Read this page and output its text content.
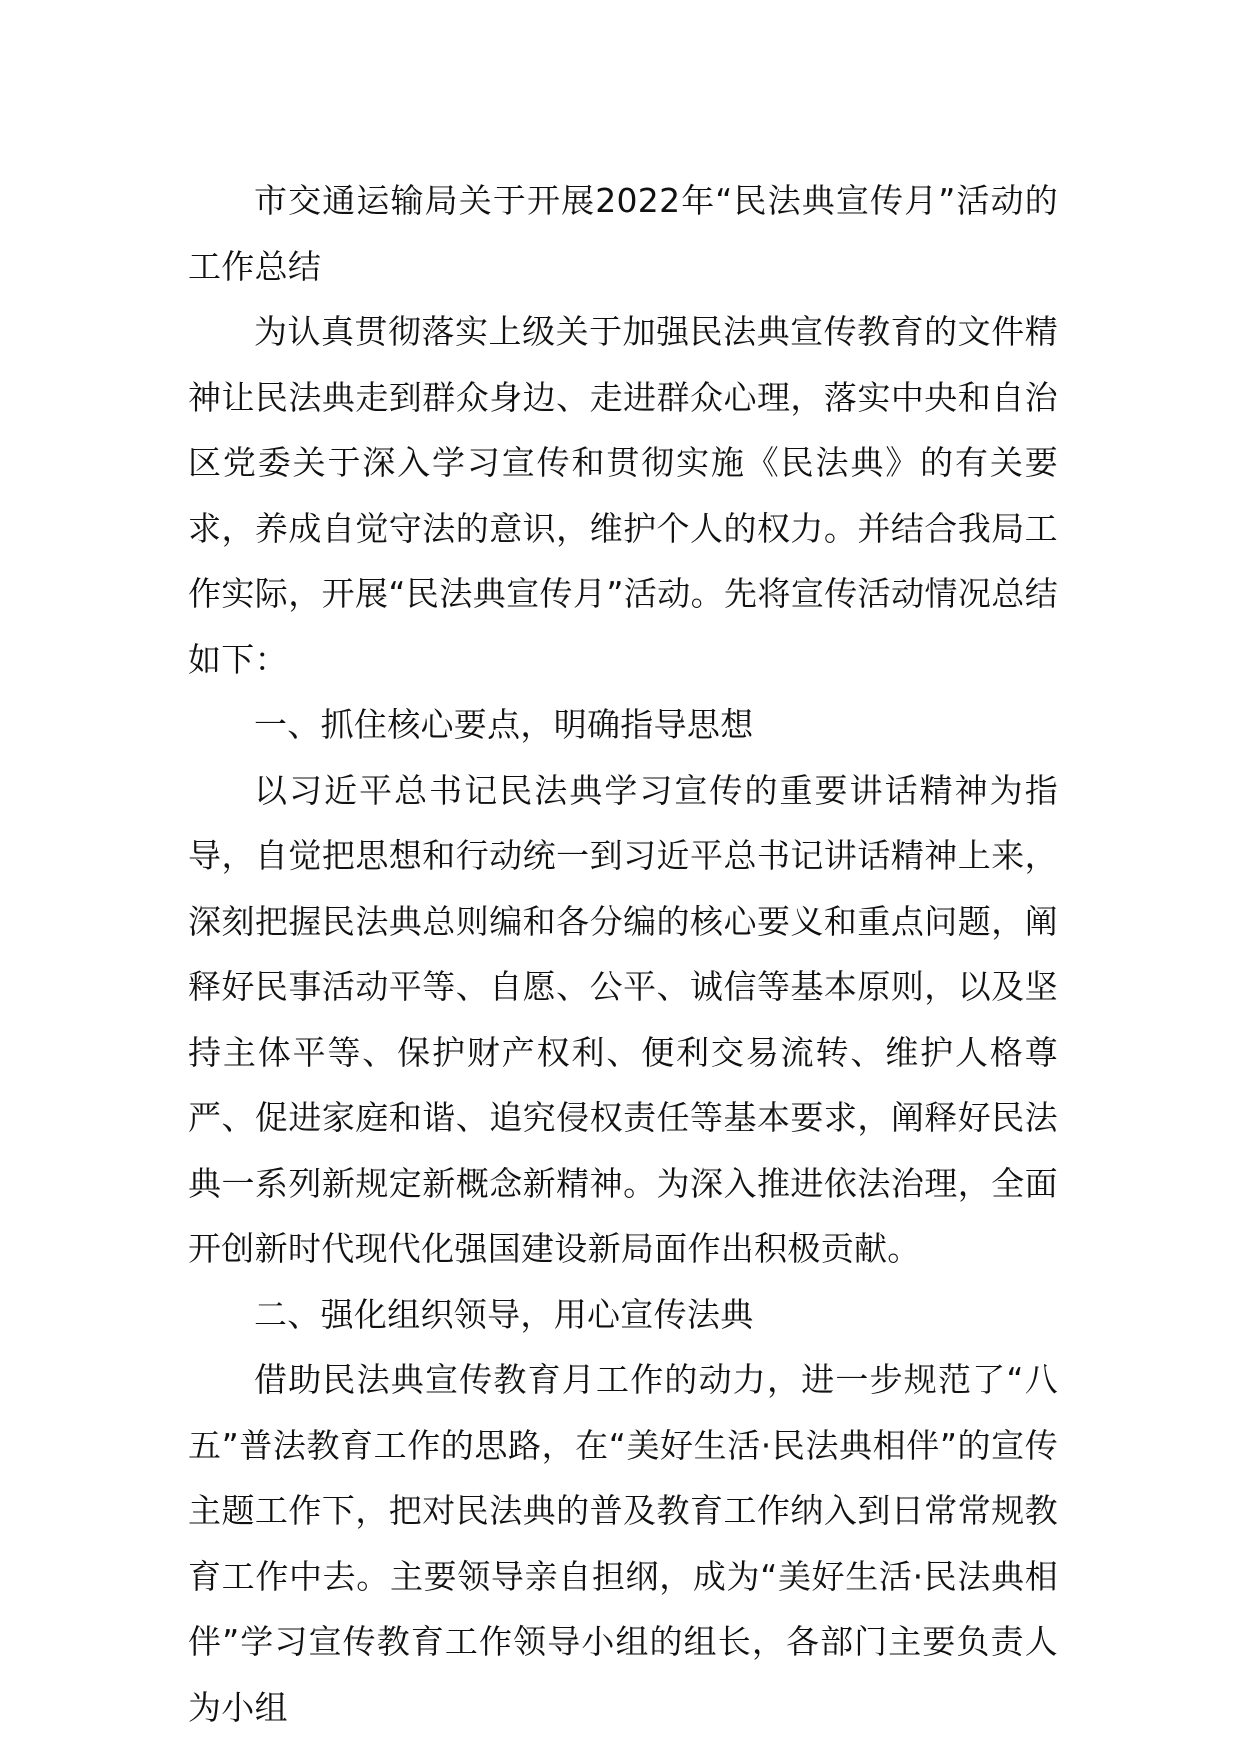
市交通运输局关于开展2022年“民法典宣传月”活动的工作总结

为认真贯彻落实上级关于加强民法典宣传教育的文件精神让民法典走到群众身边、走进群众心理，落实中央和自治区党委关于深入学习宣传和贯彻实施《民法典》的有关要求，养成自觉守法的意识，维护个人的权力。并结合我局工作实际，开展“民法典宣传月”活动。先将宣传活动情况总结如下：

一、抓住核心要点，明确指导思想

以习近平总书记民法典学习宣传的重要讲话精神为指导，自觉把思想和行动统一到习近平总书记讲话精神上来，深刻把握民法典总则编和各分编的核心要义和重点问题，阐释好民事活动平等、自愿、公平、诚信等基本原则，以及坚持主体平等、保护财产权利、便利交易流转、维护人格尊严、促进家庭和谐、追究侵权责任等基本要求，阐释好民法典一系列新规定新概念新精神。为深入推进依法治理，全面开创新时代现代化强国建设新局面作出积极贡献。

二、强化组织领导，用心宣传法典

借助民法典宣传教育月工作的动力，进一步规范了“八五”普法教育工作的思路，在“美好生活·民法典相伴”的宣传主题工作下，把对民法典的普及教育工作纳入到日常常规教育工作中去。主要领导亲自担纲，成为“美好生活·民法典相伴”学习宣传教育工作领导小组的组长，各部门主要负责人为小组
